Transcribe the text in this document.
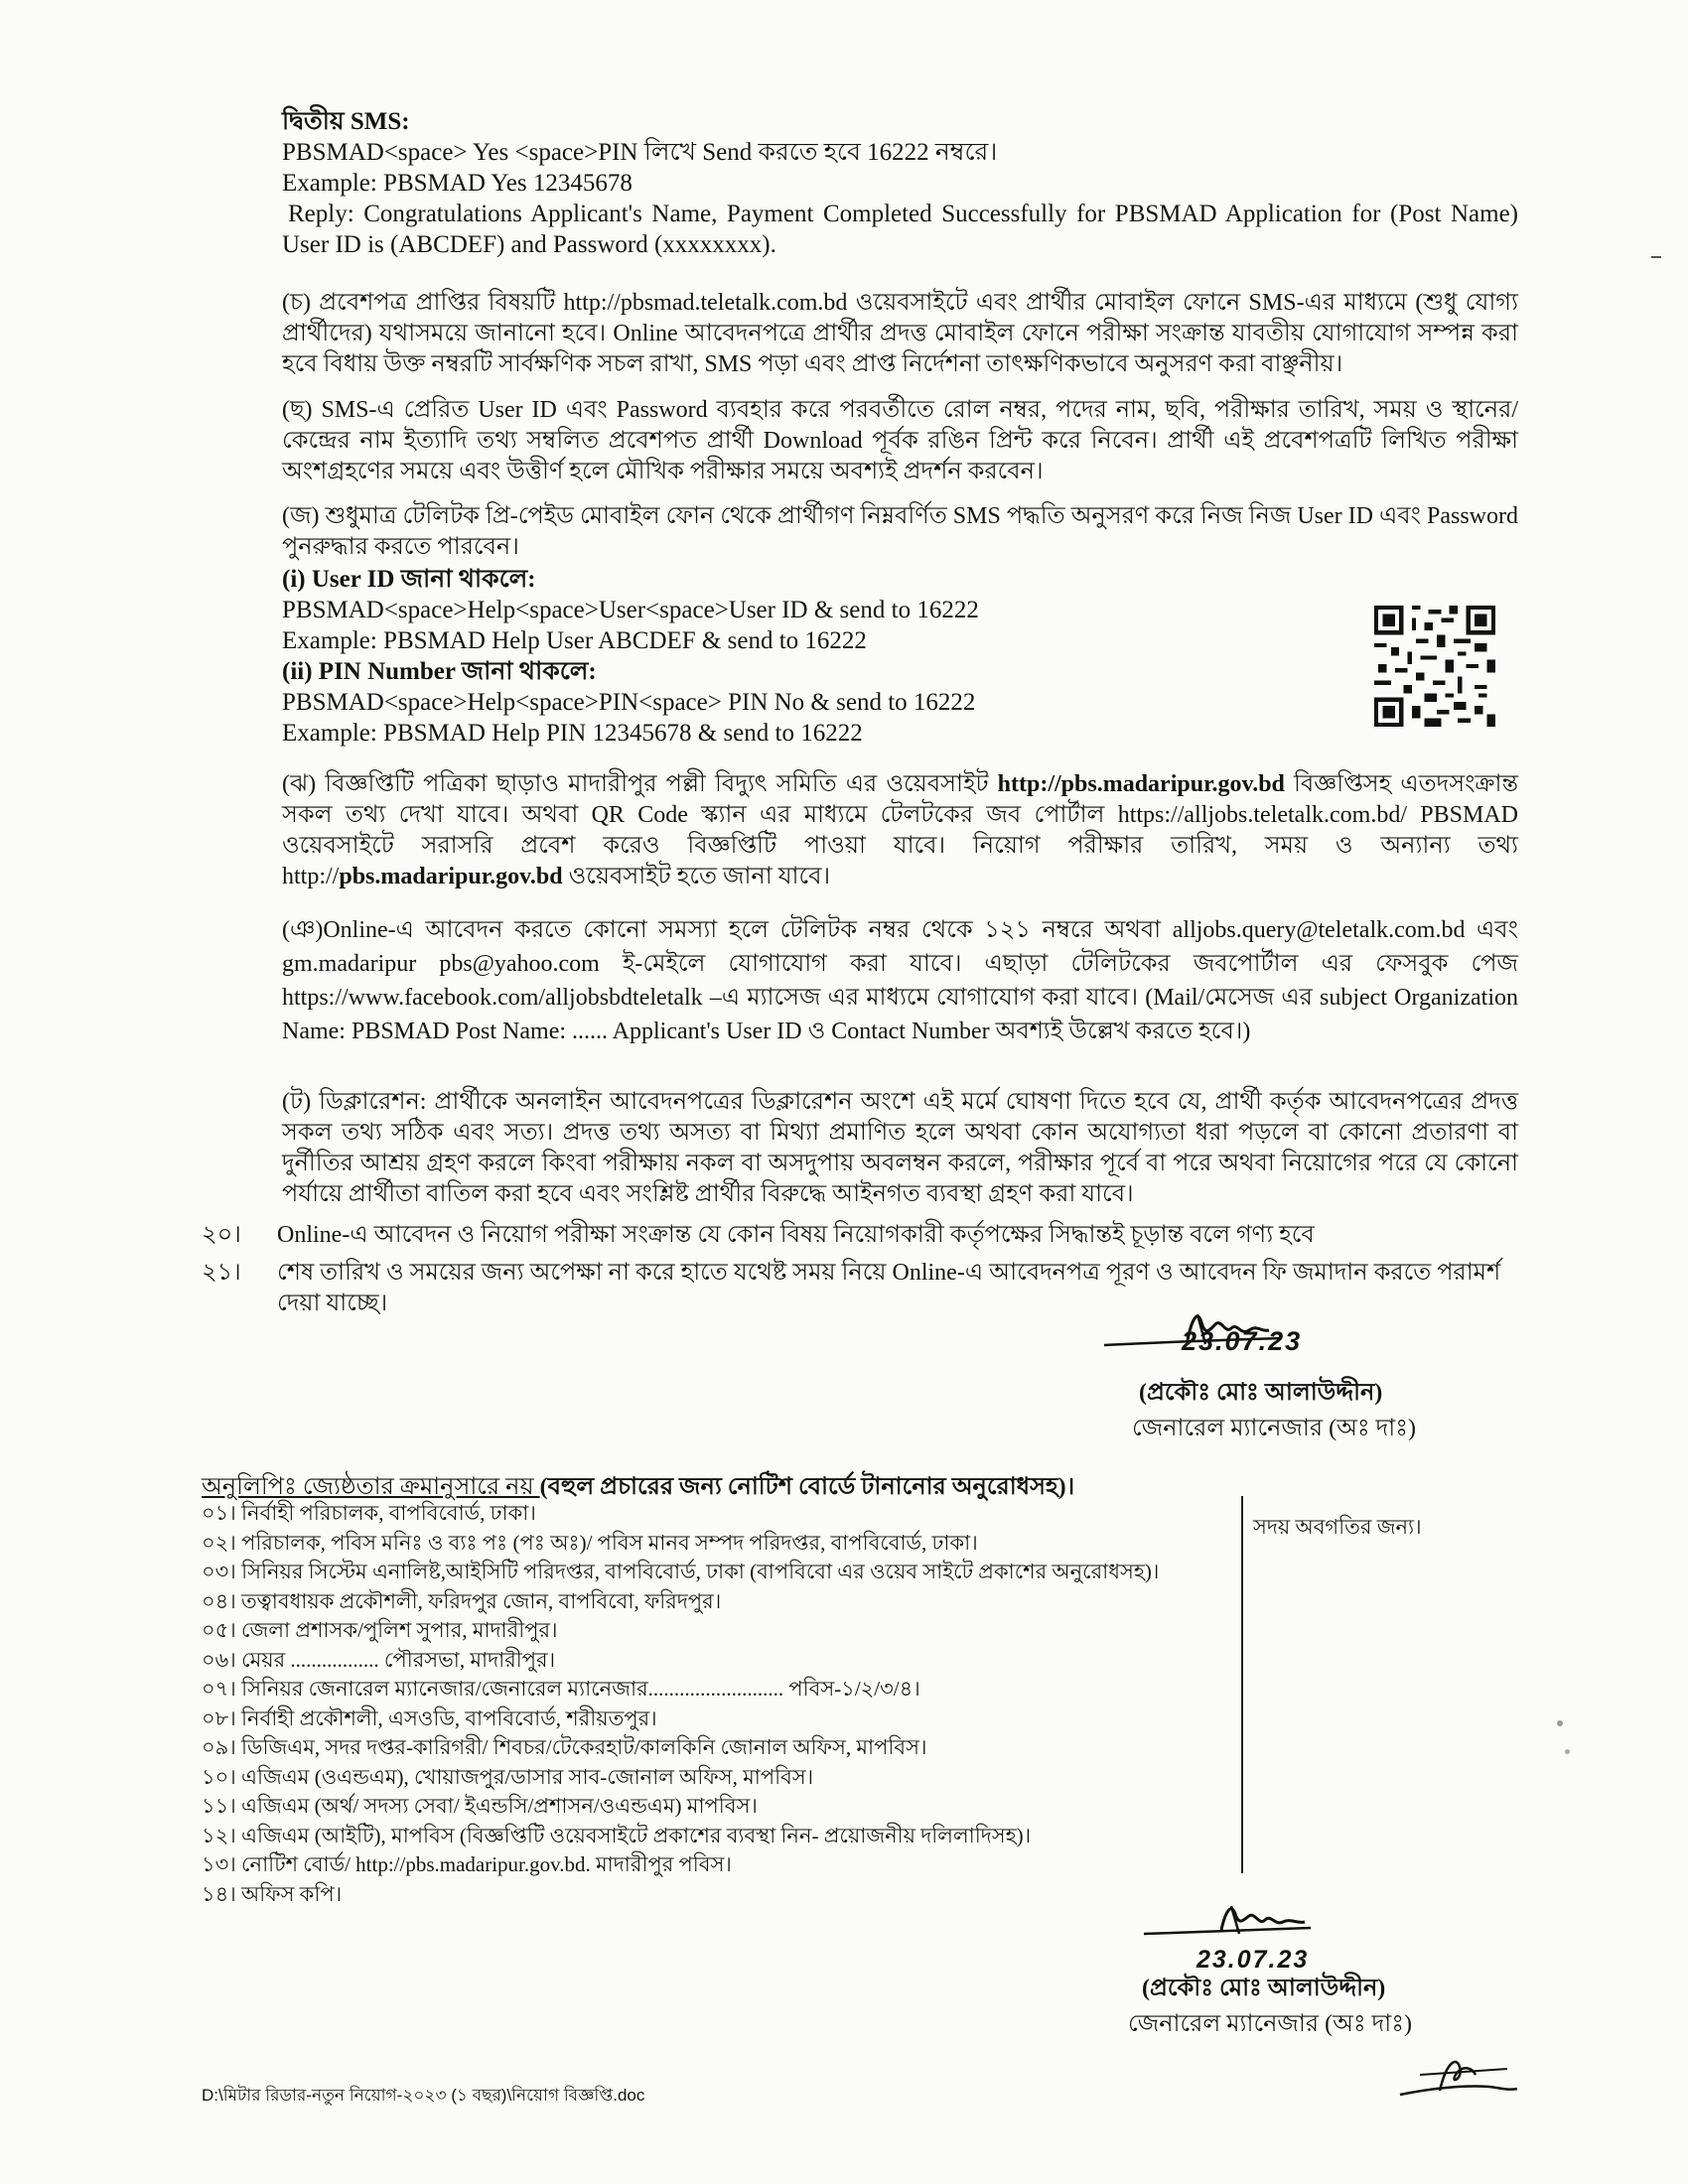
দ্বিতীয় SMS:

PBSMAD<space> Yes <space>PIN লিখে Send করতে হবে 16222 নম্বরে।

Example: PBSMAD Yes 12345678

Reply: Congratulations Applicant's Name, Payment Completed Successfully for PBSMAD Application for (Post Name) User ID is (ABCDEF) and Password (xxxxxxxx).

(চ) প্রবেশপত্র প্রাপ্তির বিষয়টি http://pbsmad.teletalk.com.bd ওয়েবসাইটে এবং প্রার্থীর মোবাইল ফোনে SMS-এর মাধ্যমে (শুধু যোগ্য প্রার্থীদের) যথাসময়ে জানানো হবে। Online আবেদনপত্রে প্রার্থীর প্রদত্ত মোবাইল ফোনে পরীক্ষা সংক্রান্ত যাবতীয় যোগাযোগ সম্পন্ন করা হবে বিধায় উক্ত নম্বরটি সার্বক্ষণিক সচল রাখা, SMS পড়া এবং প্রাপ্ত নির্দেশনা তাৎক্ষণিকভাবে অনুসরণ করা বাঞ্ছনীয়।

(ছ) SMS-এ প্রেরিত User ID এবং Password ব্যবহার করে পরবর্তীতে রোল নম্বর, পদের নাম, ছবি, পরীক্ষার তারিখ, সময় ও স্থানের/কেন্দ্রের নাম ইত্যাদি তথ্য সম্বলিত প্রবেশপত প্রার্থী Download পূর্বক রঙিন প্রিন্ট করে নিবেন। প্রার্থী এই প্রবেশপত্রটি লিখিত পরীক্ষা অংশগ্রহণের সময়ে এবং উত্তীর্ণ হলে মৌখিক পরীক্ষার সময়ে অবশ্যই প্রদর্শন করবেন।

(জ) শুধুমাত্র টেলিটক প্রি-পেইড মোবাইল ফোন থেকে প্রার্থীগণ নিম্নবর্ণিত SMS পদ্ধতি অনুসরণ করে নিজ নিজ User ID এবং Password পুনরুদ্ধার করতে পারবেন।

(i) User ID জানা থাকলে:

PBSMAD<space>Help<space>User<space>User ID & send to 16222

Example: PBSMAD Help User ABCDEF & send to 16222

(ii) PIN Number জানা থাকলে:

PBSMAD<space>Help<space>PIN<space> PIN No & send to 16222

Example: PBSMAD Help PIN 12345678 & send to 16222

(ঝ) বিজ্ঞপ্তিটি পত্রিকা ছাড়াও মাদারীপুর পল্লী বিদ্যুৎ সমিতি এর ওয়েবসাইট http://pbs.madaripur.gov.bd বিজ্ঞপ্তিসহ এতদসংক্রান্ত সকল তথ্য দেখা যাবে। অথবা QR Code স্ক্যান এর মাধ্যমে টেলটকের জব পোর্টাল https://alljobs.teletalk.com.bd/ PBSMAD ওয়েবসাইটে সরাসরি প্রবেশ করেও বিজ্ঞপ্তিটি পাওয়া যাবে। নিয়োগ পরীক্ষার তারিখ, সময় ও অন্যান্য তথ্য http://pbs.madaripur.gov.bd ওয়েবসাইট হতে জানা যাবে।

(ঞ)Online-এ আবেদন করতে কোনো সমস্যা হলে টেলিটক নম্বর থেকে ১২১ নম্বরে অথবা alljobs.query@teletalk.com.bd এবং gm.madaripur pbs@yahoo.com ই-মেইলে যোগাযোগ করা যাবে। এছাড়া টেলিটকের জবপোর্টাল এর ফেসবুক পেজ https://www.facebook.com/alljobsbdteletalk –এ ম্যাসেজ এর মাধ্যমে যোগাযোগ করা যাবে। (Mail/মেসেজ এর subject Organization Name: PBSMAD Post Name: ...... Applicant's User ID ও Contact Number অবশ্যই উল্লেখ করতে হবে।)

(ট) ডিক্লারেশন: প্রার্থীকে অনলাইন আবেদনপত্রের ডিক্লারেশন অংশে এই মর্মে ঘোষণা দিতে হবে যে, প্রার্থী কর্তৃক আবেদনপত্রের প্রদত্ত সকল তথ্য সঠিক এবং সত্য। প্রদত্ত তথ্য অসত্য বা মিথ্যা প্রমাণিত হলে অথবা কোন অযোগ্যতা ধরা পড়লে বা কোনো প্রতারণা বা দুর্নীতির আশ্রয় গ্রহণ করলে কিংবা পরীক্ষায় নকল বা অসদুপায় অবলম্বন করলে, পরীক্ষার পূর্বে বা পরে অথবা নিয়োগের পরে যে কোনো পর্যায়ে প্রার্থীতা বাতিল করা হবে এবং সংশ্লিষ্ট প্রার্থীর বিরুদ্ধে আইনগত ব্যবস্থা গ্রহণ করা যাবে।

২০। Online-এ আবেদন ও নিয়োগ পরীক্ষা সংক্রান্ত যে কোন বিষয় নিয়োগকারী কর্তৃপক্ষের সিদ্ধান্তই চূড়ান্ত বলে গণ্য হবে

২১। শেষ তারিখ ও সময়ের জন্য অপেক্ষা না করে হাতে যথেষ্ট সময় নিয়ে Online-এ আবেদনপত্র পূরণ ও আবেদন ফি জমাদান করতে পরামর্শ দেয়া যাচ্ছে।

23.07.23
(প্রকৌঃ মোঃ আলাউদ্দীন)
জেনারেল ম্যানেজার (অঃ দাঃ)
অনুলিপিঃ জ্যেষ্ঠতার ক্রমানুসারে নয় (বহুল প্রচারের জন্য নোটিশ বোর্ডে টানানোর অনুরোধসহ)।
০১। নির্বাহী পরিচালক, বাপবিবোর্ড, ঢাকা।
০২। পরিচালক, পবিস মনিঃ ও ব্যঃ পঃ (পঃ অঃ)/ পবিস মানব সম্পদ পরিদপ্তর, বাপবিবোর্ড, ঢাকা।
০৩। সিনিয়র সিস্টেম এনালিষ্ট,আইসিটি পরিদপ্তর, বাপবিবোর্ড, ঢাকা (বাপবিবো এর ওয়েব সাইটে প্রকাশের অনুরোধসহ)।
০৪। তত্বাবধায়ক প্রকৌশলী, ফরিদপুর জোন, বাপবিবো, ফরিদপুর।
০৫। জেলা প্রশাসক/পুলিশ সুপার, মাদারীপুর।
০৬। মেয়র ................. পৌরসভা, মাদারীপুর।
০৭। সিনিয়র জেনারেল ম্যানেজার/জেনারেল ম্যানেজার.......................... পবিস-১/২/৩/৪।
০৮। নির্বাহী প্রকৌশলী, এসওডি, বাপবিবোর্ড, শরীয়তপুর।
০৯। ডিজিএম, সদর দপ্তর-কারিগরী/ শিবচর/টেকেরহাট/কালকিনি জোনাল অফিস, মাপবিস।
১০। এজিএম (ওএন্ডএম), খোয়াজপুর/ডাসার সাব-জোনাল অফিস, মাপবিস।
১১। এজিএম (অর্থ/ সদস্য সেবা/ ইএন্ডসি/প্রশাসন/ওএন্ডএম) মাপবিস।
১২। এজিএম (আইটি), মাপবিস (বিজ্ঞপ্তিটি ওয়েবসাইটে প্রকাশের ব্যবস্থা নিন- প্রয়োজনীয় দলিলাদিসহ)।
১৩। নোটিশ বোর্ড/ http://pbs.madaripur.gov.bd. মাদারীপুর পবিস।
১৪। অফিস কপি।
সদয় অবগতির জন্য।
23.07.23
(প্রকৌঃ মোঃ আলাউদ্দীন)
জেনারেল ম্যানেজার (অঃ দাঃ)
D:\মিটার রিডার-নতুন নিয়োগ-২০২৩ (১ বছর)\নিয়োগ বিজ্ঞপ্তি.doc
